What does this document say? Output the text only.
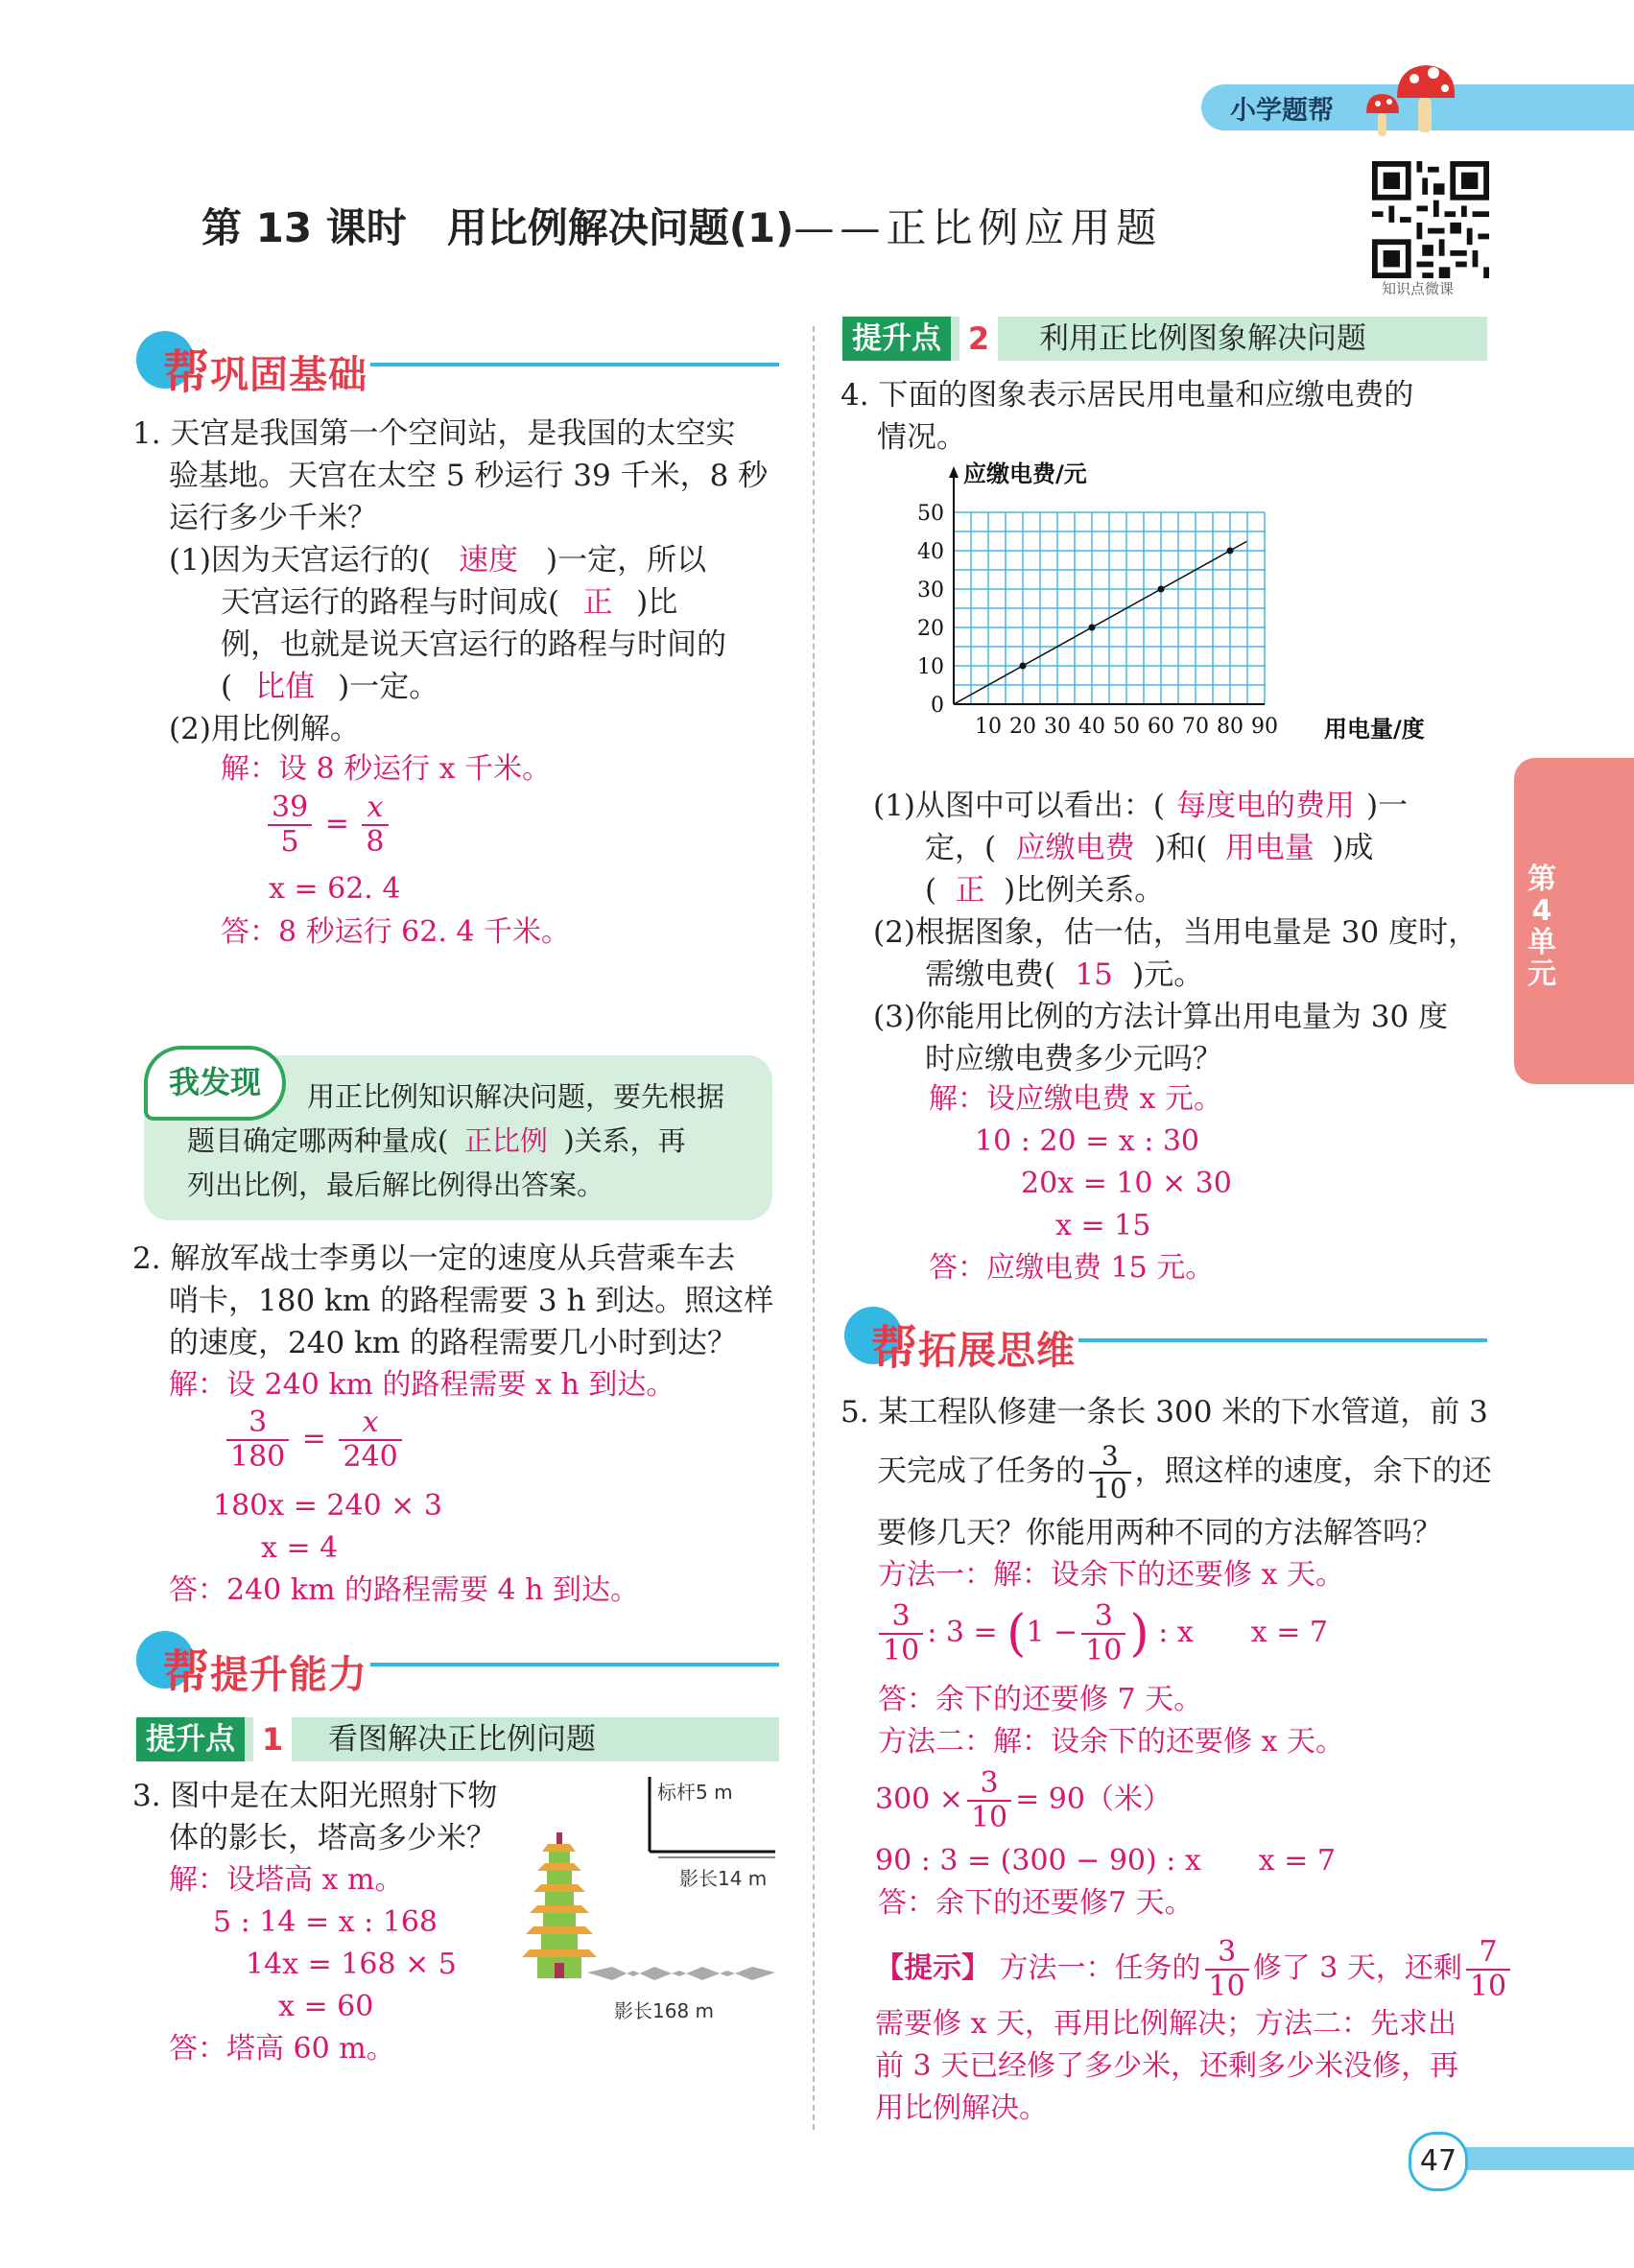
小学题帮
第 13 课时　用比例解决问题(1)——正比例应用题
知识点微课
第
4
单
元
47
帮巩固基础
1. 天宫是我国第一个空间站，是我国的太空实
验基地。天宫在太空 5 秒运行 39 千米，8 秒
运行多少千米？
(1)因为天宫运行的( 速度 )一定，所以
天宫运行的路程与时间成( 正 )比
例，也就是说天宫运行的路程与时间的
( 比值 )一定。
(2)用比例解。
解：设 8 秒运行 x 千米。
$\frac{39}{5} = \frac{x}{8}$
x = 62. 4
答：8 秒运行 62. 4 千米。
我发现	用正比例知识解决问题，要先根据
题目确定哪两种量成( 正比例 )关系，再
列出比例，最后解比例得出答案。
2. 解放军战士李勇以一定的速度从兵营乘车去
哨卡，180 km 的路程需要 3 h 到达。照这样
的速度，240 km 的路程需要几小时到达？
解：设 240 km 的路程需要 x h 到达。
$\frac{3}{180} = \frac{x}{240}$
180x = 240 × 3
x = 4
答：240 km 的路程需要 4 h 到达。
帮提升能力
提升点 1 看图解决正比例问题
3. 图中是在太阳光照射下物
体的影长，塔高多少米？
解：设塔高 x m。
5 : 14 = x : 168
14x = 168 × 5
x = 60
答：塔高 60 m。
标杆5 m
影长14 m
影长168 m
提升点 2 利用正比例图象解决问题
4. 下面的图象表示居民用电量和应缴电费的
情况。
10 20 30 40 50 60 70 80 90
0
10
20
30
40
50
应缴电费/元
用电量/度
(1)从图中可以看出：( 每度电的费用 )一
定，( 应缴电费 )和( 用电量 )成
( 正 )比例关系。
(2)根据图象，估一估，当用电量是 30 度时，
需缴电费( 15 )元。
(3)你能用比例的方法计算出用电量为 30 度
时应缴电费多少元吗？
解：设应缴电费 x 元。
10 : 20 = x : 30
20x = 10 × 30
x = 15
答：应缴电费 15 元。
帮拓展思维
5. 某工程队修建一条长 300 米的下水管道，前 3
天完成了任务的 $\frac{3}{10}$ ，照这样的速度，余下的还
要修几天？你能用两种不同的方法解答吗？
方法一：解：设余下的还要修 x 天。
$\frac{3}{10}$ : $3 = (1 - \frac{3}{10}$ ) : x　　x = 7
答：余下的还要修 7 天。
方法二：解：设余下的还要修 x 天。
$300 \times \frac{3}{10} = 90$（米）
90 : 3 = (300 − 90) : x　　x = 7
答：余下的还要修7 天。
【提示】 方法一：任务的 $\frac{3}{10}$ 修了 3 天，还剩 $\frac{7}{10}$
需要修 x 天，再用比例解决；方法二：先求出
前 3 天已经修了多少米，还剩多少米没修，再
用比例解决。
